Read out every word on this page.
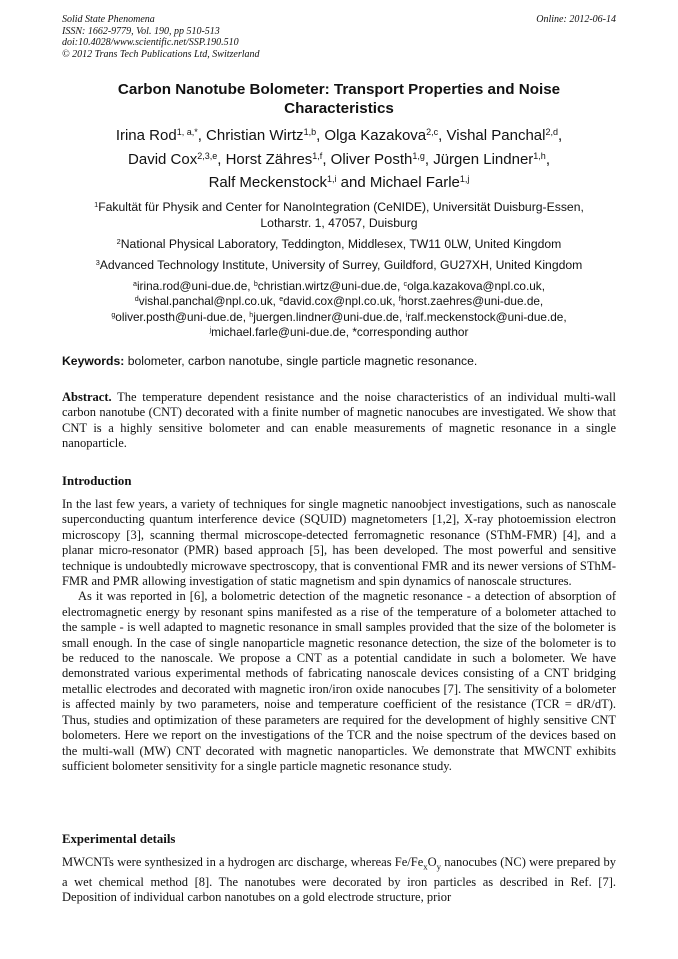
Solid State Phenomena
ISSN: 1662-9779, Vol. 190, pp 510-513
doi:10.4028/www.scientific.net/SSP.190.510
© 2012 Trans Tech Publications Ltd, Switzerland
Online: 2012-06-14
Carbon Nanotube Bolometer: Transport Properties and Noise
Characteristics
Irina Rod$^{1, a,*}$, Christian Wirtz$^{1,b}$, Olga Kazakova$^{2,c}$, Vishal Panchal$^{2,d}$,
David Cox$^{2,3,e}$, Horst Zähres$^{1,f}$, Oliver Posth$^{1,g}$, Jürgen Lindner$^{1,h}$,
Ralf Meckenstock$^{1,i}$ and Michael Farle$^{1,j}$
$^1$Fakultät für Physik and Center for NanoIntegration (CeNIDE), Universität Duisburg-Essen,
Lotharstr. 1, 47057, Duisburg
$^2$National Physical Laboratory, Teddington, Middlesex, TW11 0LW, United Kingdom
$^3$Advanced Technology Institute, University of Surrey, Guildford, GU27XH, United Kingdom
$^a$irina.rod@uni-due.de, $^b$christian.wirtz@uni-due.de, $^c$olga.kazakova@npl.co.uk,
$^d$vishal.panchal@npl.co.uk, $^e$david.cox@npl.co.uk, $^f$horst.zaehres@uni-due.de,
$^g$oliver.posth@uni-due.de, $^h$juergen.lindner@uni-due.de, $^i$ralf.meckenstock@uni-due.de,
$^j$michael.farle@uni-due.de, *corresponding author
Keywords: bolometer, carbon nanotube, single particle magnetic resonance.
Abstract. The temperature dependent resistance and the noise characteristics of an individual multi-wall carbon nanotube (CNT) decorated with a finite number of magnetic nanocubes are investigated. We show that CNT is a highly sensitive bolometer and can enable measurements of magnetic resonance in a single nanoparticle.
Introduction
In the last few years, a variety of techniques for single magnetic nanoobject investigations, such as nanoscale superconducting quantum interference device (SQUID) magnetometers [1,2], X-ray photoemission electron microscopy [3], scanning thermal microscope-detected ferromagnetic resonance (SThM-FMR) [4], and a planar micro-resonator (PMR) based approach [5], has been developed. The most powerful and sensitive technique is undoubtedly microwave spectroscopy, that is conventional FMR and its newer versions of SThM-FMR and PMR allowing investigation of static magnetism and spin dynamics of nanoscale structures.
As it was reported in [6], a bolometric detection of the magnetic resonance - a detection of absorption of electromagnetic energy by resonant spins manifested as a rise of the temperature of a bolometer attached to the sample - is well adapted to magnetic resonance in small samples provided that the size of the bolometer is small enough. In the case of single nanoparticle magnetic resonance detection, the size of the bolometer is to be reduced to the nanoscale. We propose a CNT as a potential candidate in such a bolometer. We have demonstrated various experimental methods of fabricating nanoscale devices consisting of a CNT bridging metallic electrodes and decorated with magnetic iron/iron oxide nanocubes [7]. The sensitivity of a bolometer is affected mainly by two parameters, noise and temperature coefficient of the resistance (TCR = dR/dT). Thus, studies and optimization of these parameters are required for the development of highly sensitive CNT bolometers. Here we report on the investigations of the TCR and the noise spectrum of the devices based on the multi-wall (MW) CNT decorated with magnetic nanoparticles. We demonstrate that MWCNT exhibits sufficient bolometer sensitivity for a single particle magnetic resonance study.
Experimental details
MWCNTs were synthesized in a hydrogen arc discharge, whereas $Fe/Fe_xO_y$ nanocubes (NC) were prepared by a wet chemical method [8]. The nanotubes were decorated by iron particles as described in Ref. [7]. Deposition of individual carbon nanotubes on a gold electrode structure, prior
